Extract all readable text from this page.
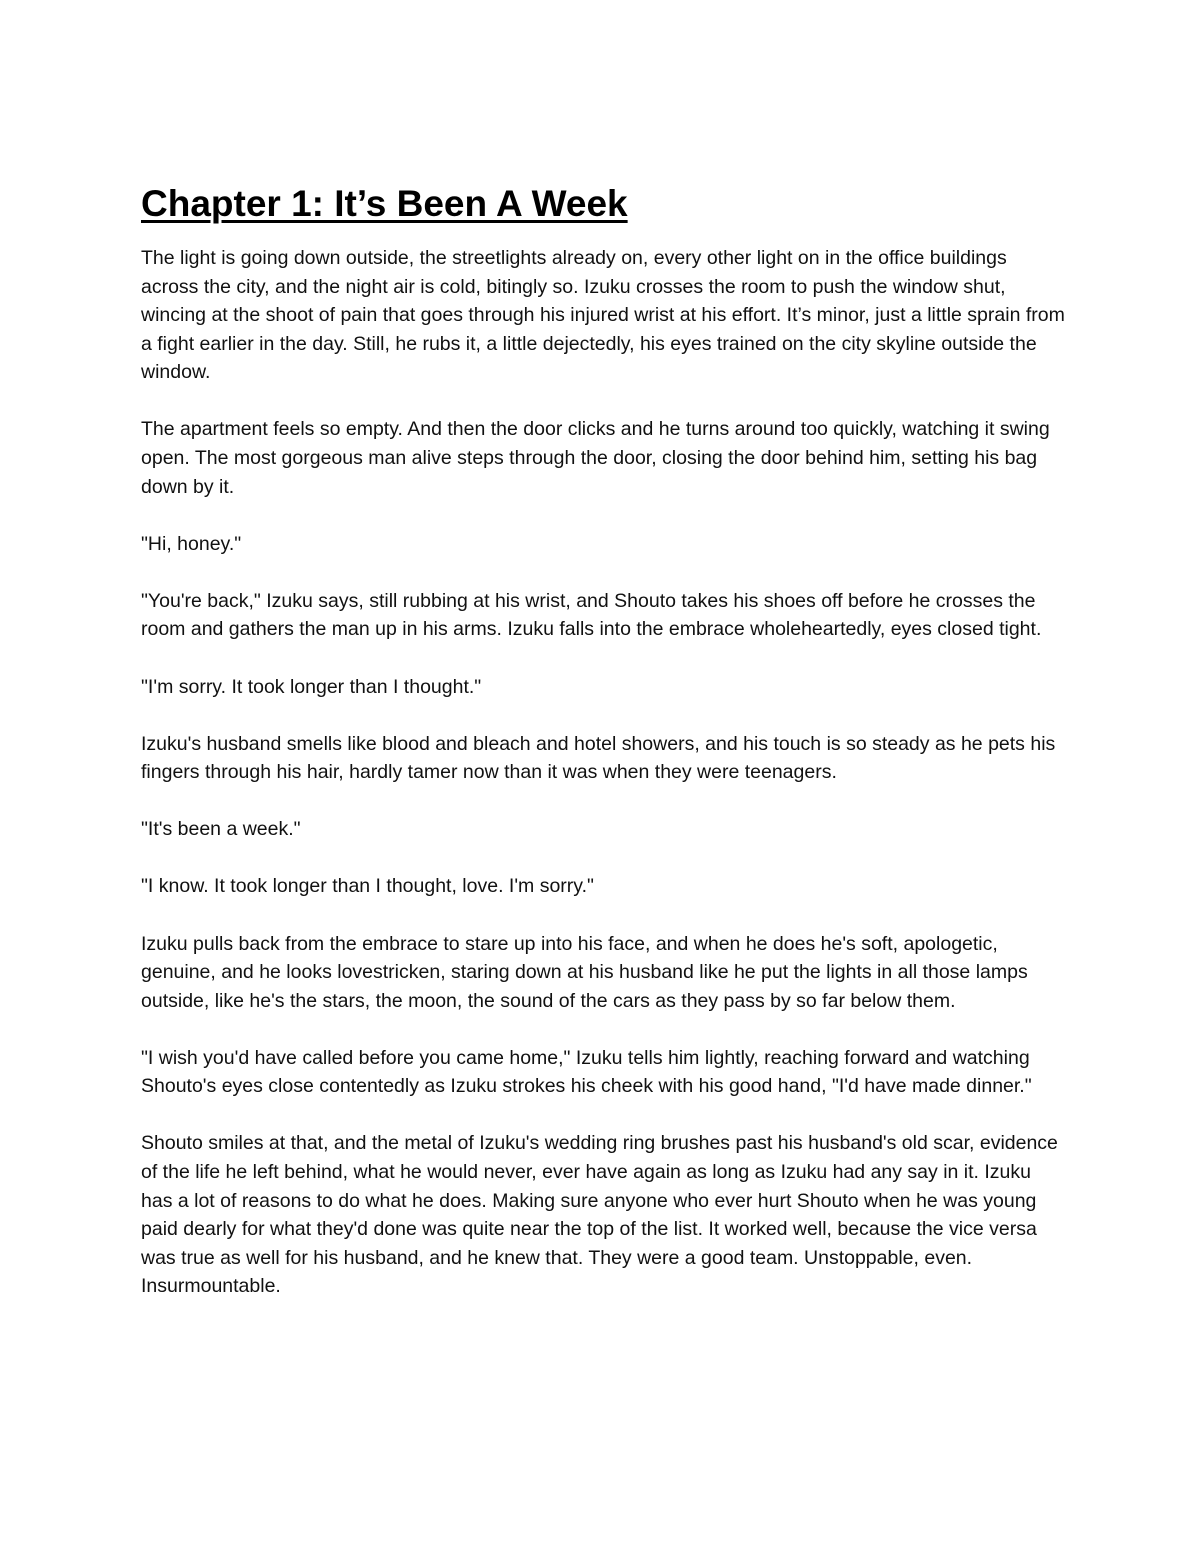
Chapter 1: It’s Been A Week

The light is going down outside, the streetlights already on, every other light on in the office buildings across the city, and the night air is cold, bitingly so. Izuku crosses the room to push the window shut, wincing at the shoot of pain that goes through his injured wrist at his effort. It’s minor, just a little sprain from a fight earlier in the day. Still, he rubs it, a little dejectedly, his eyes trained on the city skyline outside the window.

The apartment feels so empty. And then the door clicks and he turns around too quickly, watching it swing open. The most gorgeous man alive steps through the door, closing the door behind him, setting his bag down by it.

"Hi, honey."

"You're back," Izuku says, still rubbing at his wrist, and Shouto takes his shoes off before he crosses the room and gathers the man up in his arms. Izuku falls into the embrace wholeheartedly, eyes closed tight.

"I'm sorry. It took longer than I thought."

Izuku's husband smells like blood and bleach and hotel showers, and his touch is so steady as he pets his fingers through his hair, hardly tamer now than it was when they were teenagers.

"It's been a week."

"I know. It took longer than I thought, love. I'm sorry."

Izuku pulls back from the embrace to stare up into his face, and when he does he's soft, apologetic, genuine, and he looks lovestricken, staring down at his husband like he put the lights in all those lamps outside, like he's the stars, the moon, the sound of the cars as they pass by so far below them.

"I wish you'd have called before you came home," Izuku tells him lightly, reaching forward and watching Shouto's eyes close contentedly as Izuku strokes his cheek with his good hand, "I'd have made dinner."

Shouto smiles at that, and the metal of Izuku's wedding ring brushes past his husband's old scar, evidence of the life he left behind, what he would never, ever have again as long as Izuku had any say in it. Izuku has a lot of reasons to do what he does. Making sure anyone who ever hurt Shouto when he was young paid dearly for what they'd done was quite near the top of the list. It worked well, because the vice versa was true as well for his husband, and he knew that. They were a good team. Unstoppable, even. Insurmountable.
